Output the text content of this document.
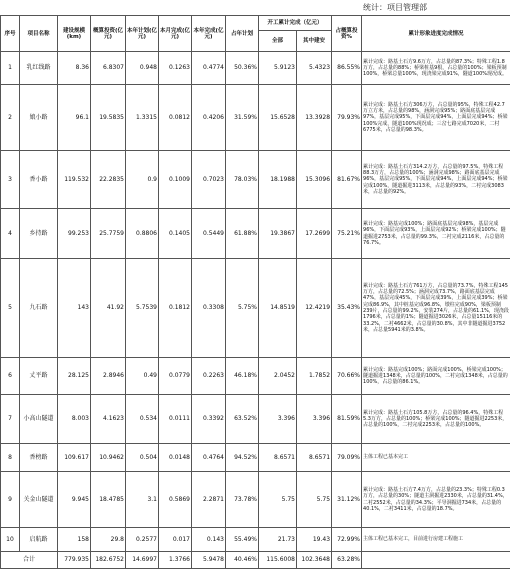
统计：项目管理部
序号	项目名称	建设规模(km)	概算投资(亿元)	本年计划(亿元)	本月完成(亿元)	本年完成(亿元)	占年计划	开工累计完成（亿元）		占概算投资%	累计形象进度完成情况
								全部	其中建安		
1	乳红线路	8.36	6.8307	0.948	0.1263	0.4774	50.36%	5.9123	5.4323	86.55%	累计完成：路基土石方9.6万方，占总量的87.3%；特殊工程1.8万方，占总量的88%；桥梁桩基9根，占总量的100%；梁板预制100%，桥梁总量100%，现浇梁完成91%，隧道100%现况成。
2	娘小路	96.1	19.5835	1.3315	0.0812	0.4206	31.59%	15.6528	13.3928	79.93%	累计完成：路基土石方306万方，占总量的95%，特殊工程42.7万立方米，占总量的98%，涵洞完成95%；路面底基层完成97%，基层完成95%，下面层完成94%，上面层完成94%；桥梁100%完成，隧道100%现况成；三岔七路完成7020米，二村6775米，占总量的98.3%。
3	香小路	119.532	22.2835	0.9	0.1009	0.7023	78.03%	18.1988	15.3096	81.67%	累计完成：路基土石方314.2万方，占总量的97.5%，特殊工程88.3万方，占总量的100%；涵洞完成98%；路面底基层完成96%，基层完成95%，下面层完成94%，上面层完成94%；桥梁完成100%，隧道掘进3113米，占总量的93%，二衬完成3083米，占总量的92%。
4	乡持路	99.253	25.7759	0.8806	0.1405	0.5449	61.88%	19.3867	17.2699	75.21%	累计完成：路基完成100%；路面底基层完成98%，基层完成96%，下面层完成93%，上面层完成92%；桥梁完成100%；隧道掘进2753米，占总量的99.3%，二衬完成2116米，占总量的76.7%。
5	九石路	143	41.92	5.7539	0.1812	0.3308	5.75%	14.8519	12.4219	35.43%	累计完成：路基土石方761万方，占总量的73.7%，特殊工程145万方，占总量的72.5%；涵洞完成73.7%，路面底基层完成47%，基层完成45%，下面层完成39%，上面层完成39%；桥梁完成86.9%，其中桩基完成96.8%，墩柱完成90%，梁板预制239片，占总量的99.2%，安装274片，占总量的61.1%，现浇段1796米，占总量的1%；隧道掘进3026米，占总量15116米的33.2%，二衬4662米，占总量的30.8%，其中非隧道掘进3752米，占总量5941米的3.8%。
6	丈平路	28.125	2.8946	0.49	0.0779	0.2263	46.18%	2.0452	1.7852	70.66%	累计完成：路基完成100%；路面完成100%，桥梁完成100%；隧道掘进1348米，占总量的100%，二衬完成1348米，占总量的100%，占总量的86.1%。
7	小高山隧道	8.003	4.1623	0.534	0.0111	0.3392	63.52%	3.396	3.396	81.59%	累计完成：路基土石方105.8万方，占总量的96.4%，特殊工程5.3万方，占总量的100%；桥梁完成100%；隧道掘进2253米，占总量的100%，二衬完成2253米，占总量的100%。
8	香榜路	109.617	10.9462	0.504	0.0148	0.4764	94.52%	8.6571	8.6571	79.09%	主体工程已基本完工
9	关金山隧道	9.945	18.4785	3.1	0.5869	2.2871	73.78%	5.75	5.75	31.12%	累计完成：路基土石方7.4万方，占总量的23.3%；特殊工程0.3万方，占总量的30%；隧道主洞掘进2330米，占总量的31.4%，二衬2552米，占总量的34.3%；平导洞掘进734米，占总量的40.1%，二衬3411米，占总量的18.7%。
10	启航路	158	29.8	0.2577	0.017	0.143	55.49%	21.73	19.43	72.99%	主体工程已基本完工，目前进行房建工程施工
合计		779.935	182.6752	14.6997	1.3766	5.9478	40.46%	115.6008	102.3648	63.28%	
